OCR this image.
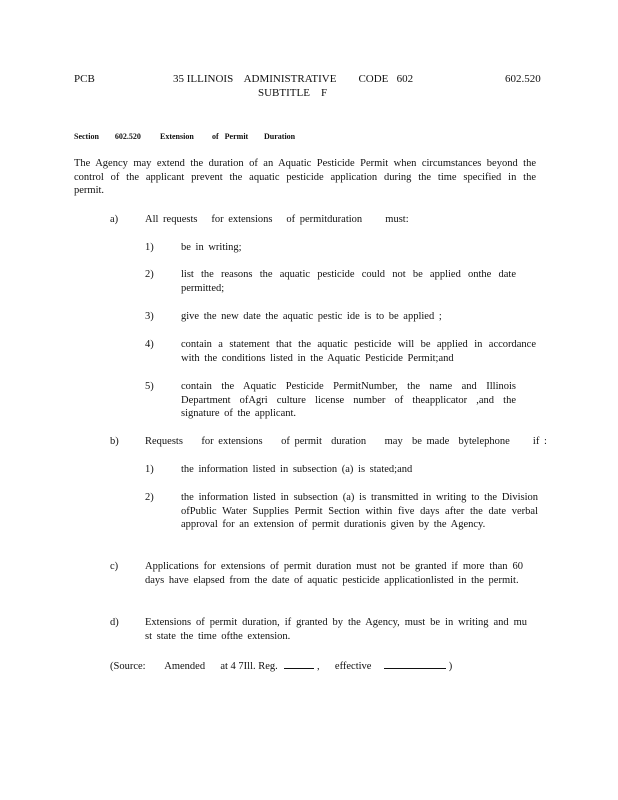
PCB	35 ILLINOIS    ADMINISTRATIVE        CODE   602
SUBTITLE    F
602.520
Section        602.520 Extension of   Permit Duration
The Agency may extend the duration of an Aquatic Pesticide Permit when circumstances beyond the control of the applicant prevent the aquatic pesticide application during the time specified in the permit.
a)	All requests   for extensions   of permitduration     must:
1)	be in writing;
2)	list the reasons the aquatic pesticide could not be applied onthe date permitted;
3)	give the new date the aquatic pestic ide is to be applied ;
4)	contain a statement that the aquatic pesticide will be applied in accordance with the conditions listed in the Aquatic Pesticide Permit;and
5)	contain the Aquatic Pesticide PermitNumber, the name and Illinois Department ofAgri culture license number of theapplicator ,and the signature of the applicant.
b)	Requests    for extensions    of permit  duration    may  be made  bytelephone     if :
1)	the information listed in subsection (a) is stated;and
2)	the information listed in subsection (a) is transmitted in writing to the Division ofPublic Water Supplies Permit Section within five days after the date verbal approval for an extension of permit durationis given by the Agency.
c)	Applications for extensions of permit duration must not be granted if more than 60 days have elapsed from the date of aquatic pesticide applicationlisted in the permit.
d)	Extensions of permit duration, if granted by the Agency, must be in writing and mu st state the time ofthe extension.
(Source: Amended at 4 7Ill. Reg.	, effective	)
